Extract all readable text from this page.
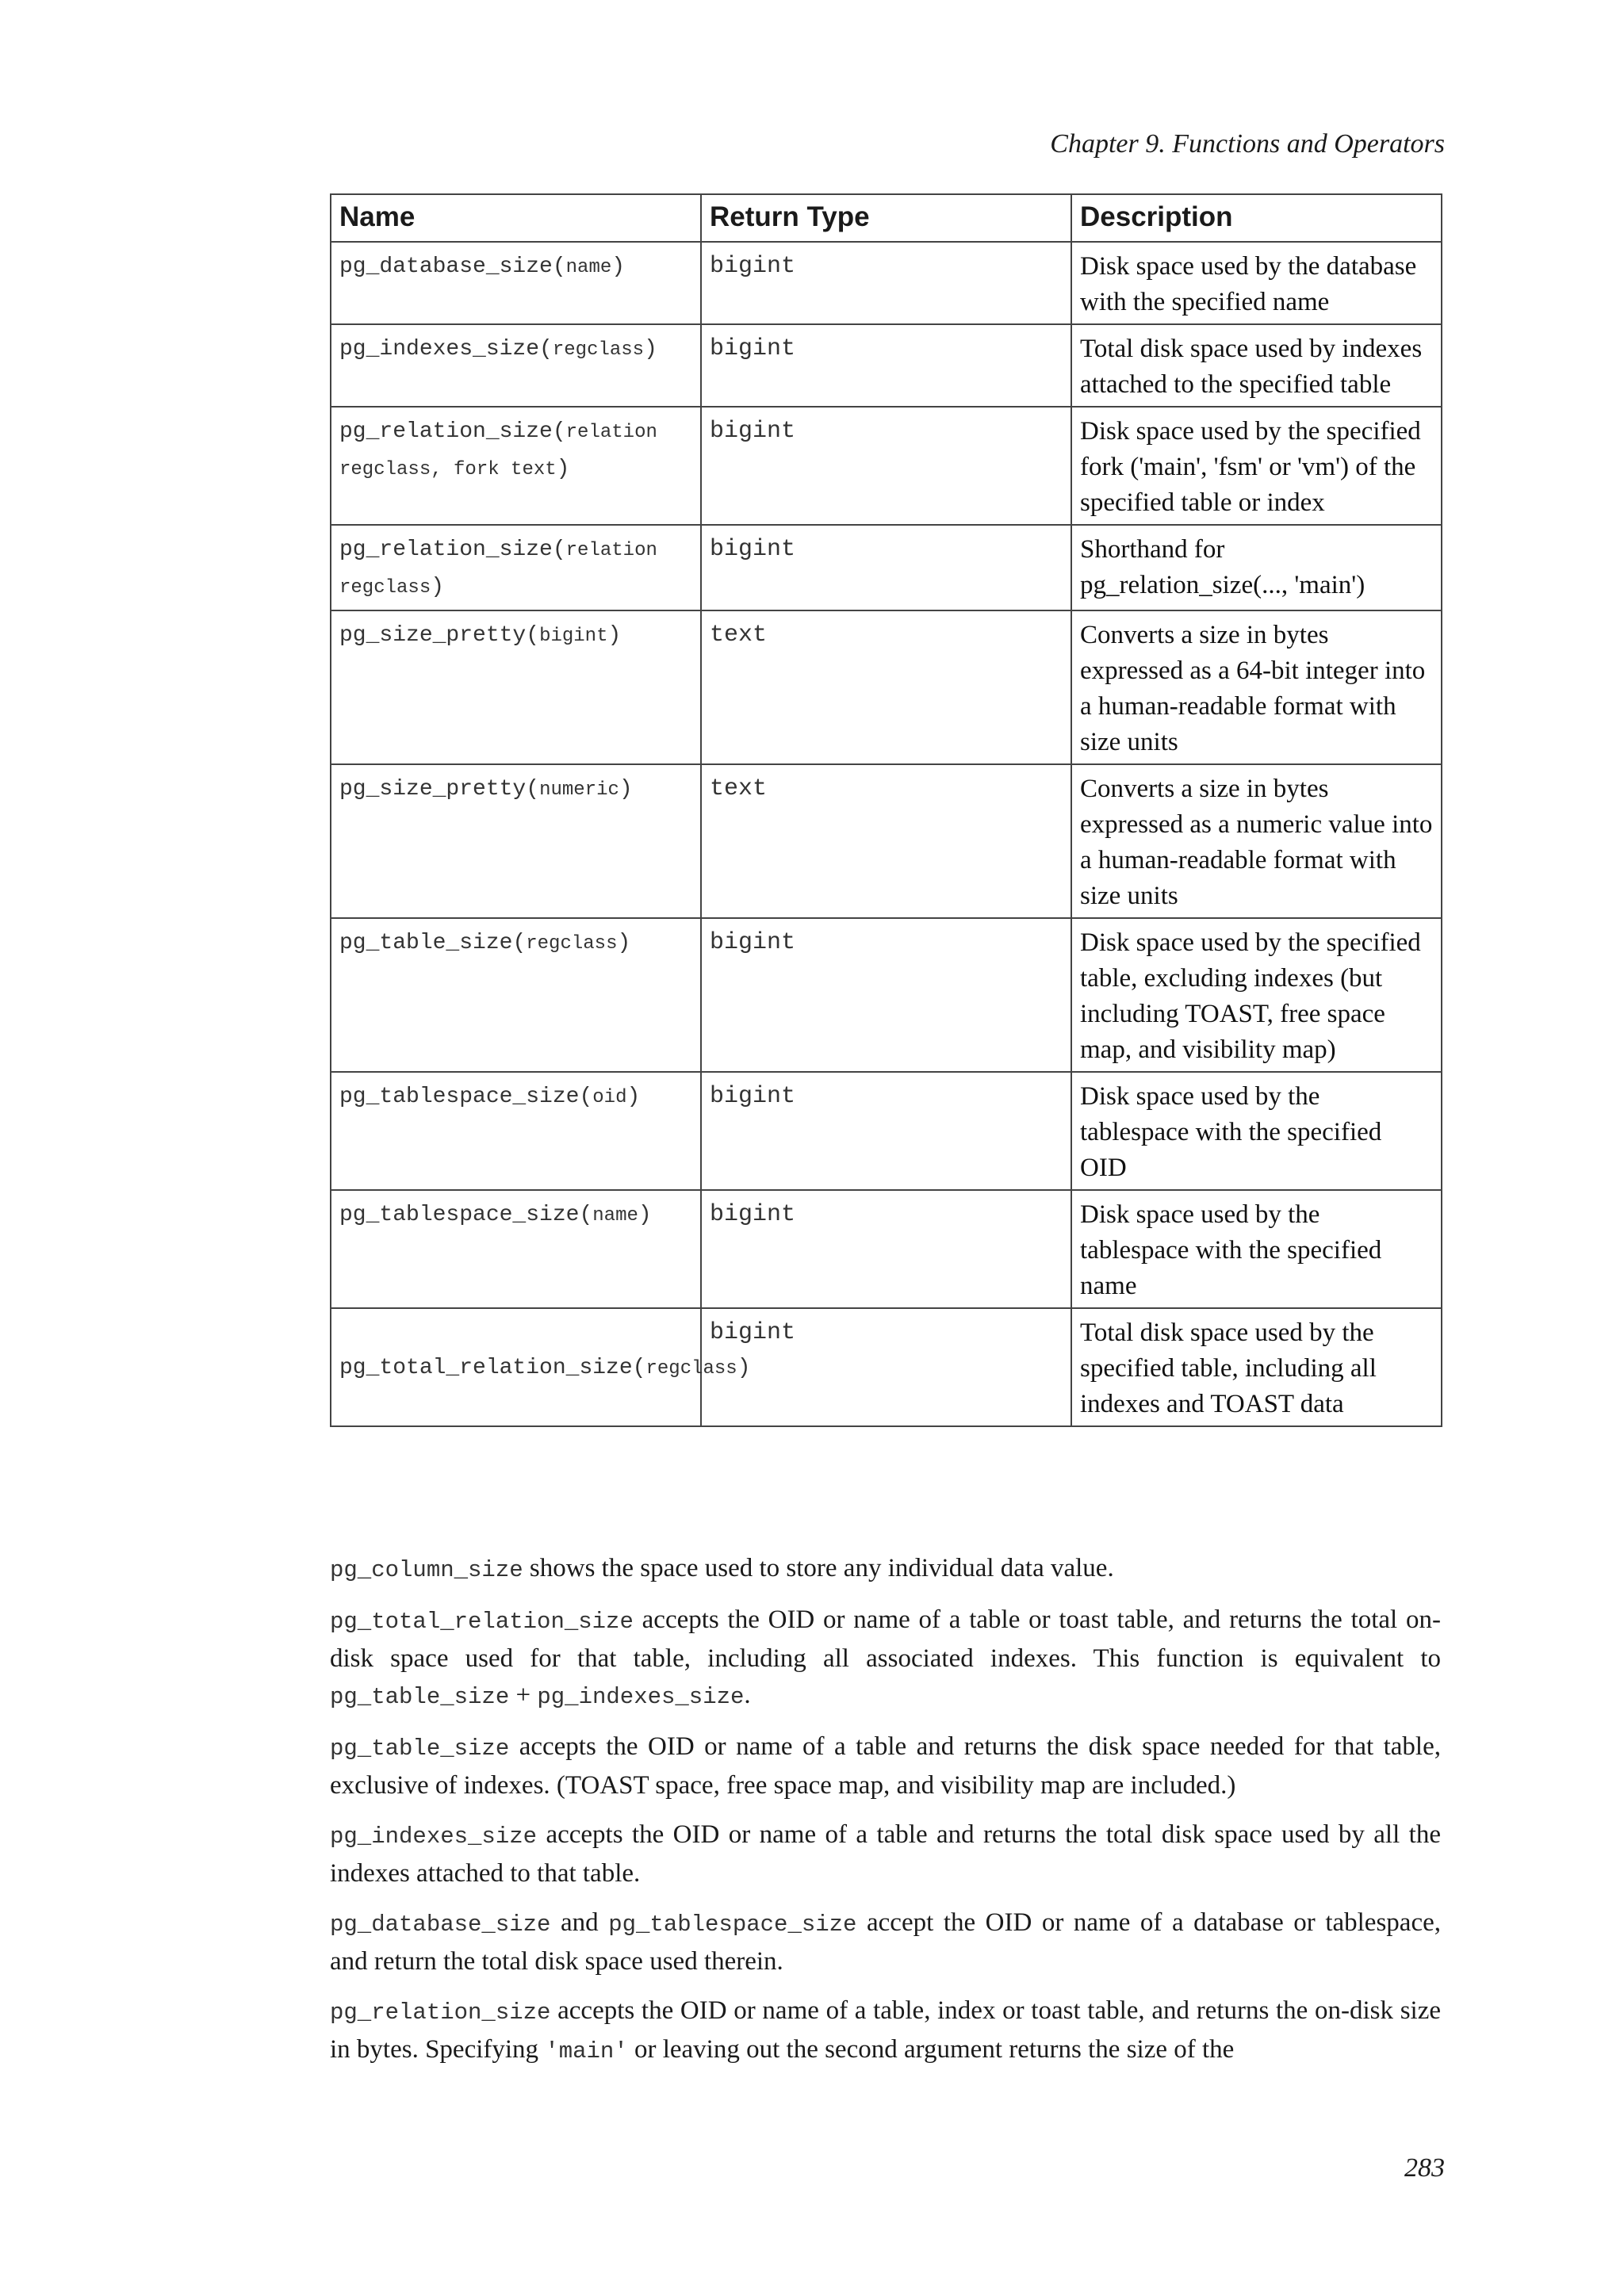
Chapter 9. Functions and Operators
Name	Return Type	Description
pg_database_size(name)	bigint	Disk space used by the database with the specified name
pg_indexes_size(regclass)	bigint	Total disk space used by indexes attached to the specified table
pg_relation_size(relation regclass, fork text)	bigint	Disk space used by the specified fork ('main', 'fsm' or 'vm') of the specified table or index
pg_relation_size(relation regclass)	bigint	Shorthand for pg_relation_size(..., 'main')
pg_size_pretty(bigint)	text	Converts a size in bytes expressed as a 64-bit integer into a human-readable format with size units
pg_size_pretty(numeric)	text	Converts a size in bytes expressed as a numeric value into a human-readable format with size units
pg_table_size(regclass)	bigint	Disk space used by the specified table, excluding indexes (but including TOAST, free space map, and visibility map)
pg_tablespace_size(oid)	bigint	Disk space used by the tablespace with the specified OID
pg_tablespace_size(name)	bigint	Disk space used by the tablespace with the specified name
pg_total_relation_size(regclass)	bigint	Total disk space used by the specified table, including all indexes and TOAST data

pg_column_size shows the space used to store any individual data value.

pg_total_relation_size accepts the OID or name of a table or toast table, and returns the total on-disk space used for that table, including all associated indexes. This function is equivalent to pg_table_size + pg_indexes_size.

pg_table_size accepts the OID or name of a table and returns the disk space needed for that table, exclusive of indexes. (TOAST space, free space map, and visibility map are included.)

pg_indexes_size accepts the OID or name of a table and returns the total disk space used by all the indexes attached to that table.

pg_database_size and pg_tablespace_size accept the OID or name of a database or tablespace, and return the total disk space used therein.

pg_relation_size accepts the OID or name of a table, index or toast table, and returns the on-disk size in bytes. Specifying 'main' or leaving out the second argument returns the size of the

283
